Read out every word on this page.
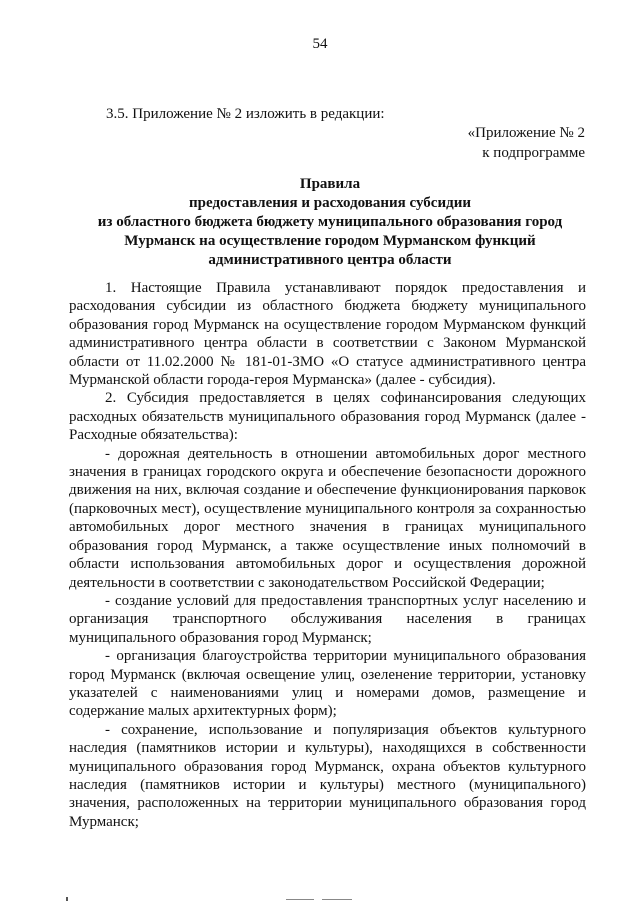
54
3.5. Приложение № 2 изложить в редакции:
«Приложение № 2
к подпрограмме
Правила
предоставления и расходования субсидии
из областного бюджета бюджету муниципального образования город
Мурманск на осуществление городом Мурманском функций
административного центра области

1. Настоящие Правила устанавливают порядок предоставления и расходования субсидии из областного бюджета бюджету муниципального образования город Мурманск на осуществление городом Мурманском функций административного центра области в соответствии с Законом Мурманской области от 11.02.2000 № 181-01-ЗМО «О статусе административного центра Мурманской области города-героя Мурманска» (далее - субсидия).

2. Субсидия предоставляется в целях софинансирования следующих расходных обязательств муниципального образования город Мурманск (далее - Расходные обязательства):

- дорожная деятельность в отношении автомобильных дорог местного значения в границах городского округа и обеспечение безопасности дорожного движения на них, включая создание и обеспечение функционирования парковок (парковочных мест), осуществление муниципального контроля за сохранностью автомобильных дорог местного значения в границах муниципального образования город Мурманск, а также осуществление иных полномочий в области использования автомобильных дорог и осуществления дорожной деятельности в соответствии с законодательством Российской Федерации;

- создание условий для предоставления транспортных услуг населению и организация транспортного обслуживания населения в границах муниципального образования город Мурманск;

- организация благоустройства территории муниципального образования город Мурманск (включая освещение улиц, озеленение территории, установку указателей с наименованиями улиц и номерами домов, размещение и содержание малых архитектурных форм);

- сохранение, использование и популяризация объектов культурного наследия (памятников истории и культуры), находящихся в собственности муниципального образования город Мурманск, охрана объектов культурного наследия (памятников истории и культуры) местного (муниципального) значения, расположенных на территории муниципального образования город Мурманск;
